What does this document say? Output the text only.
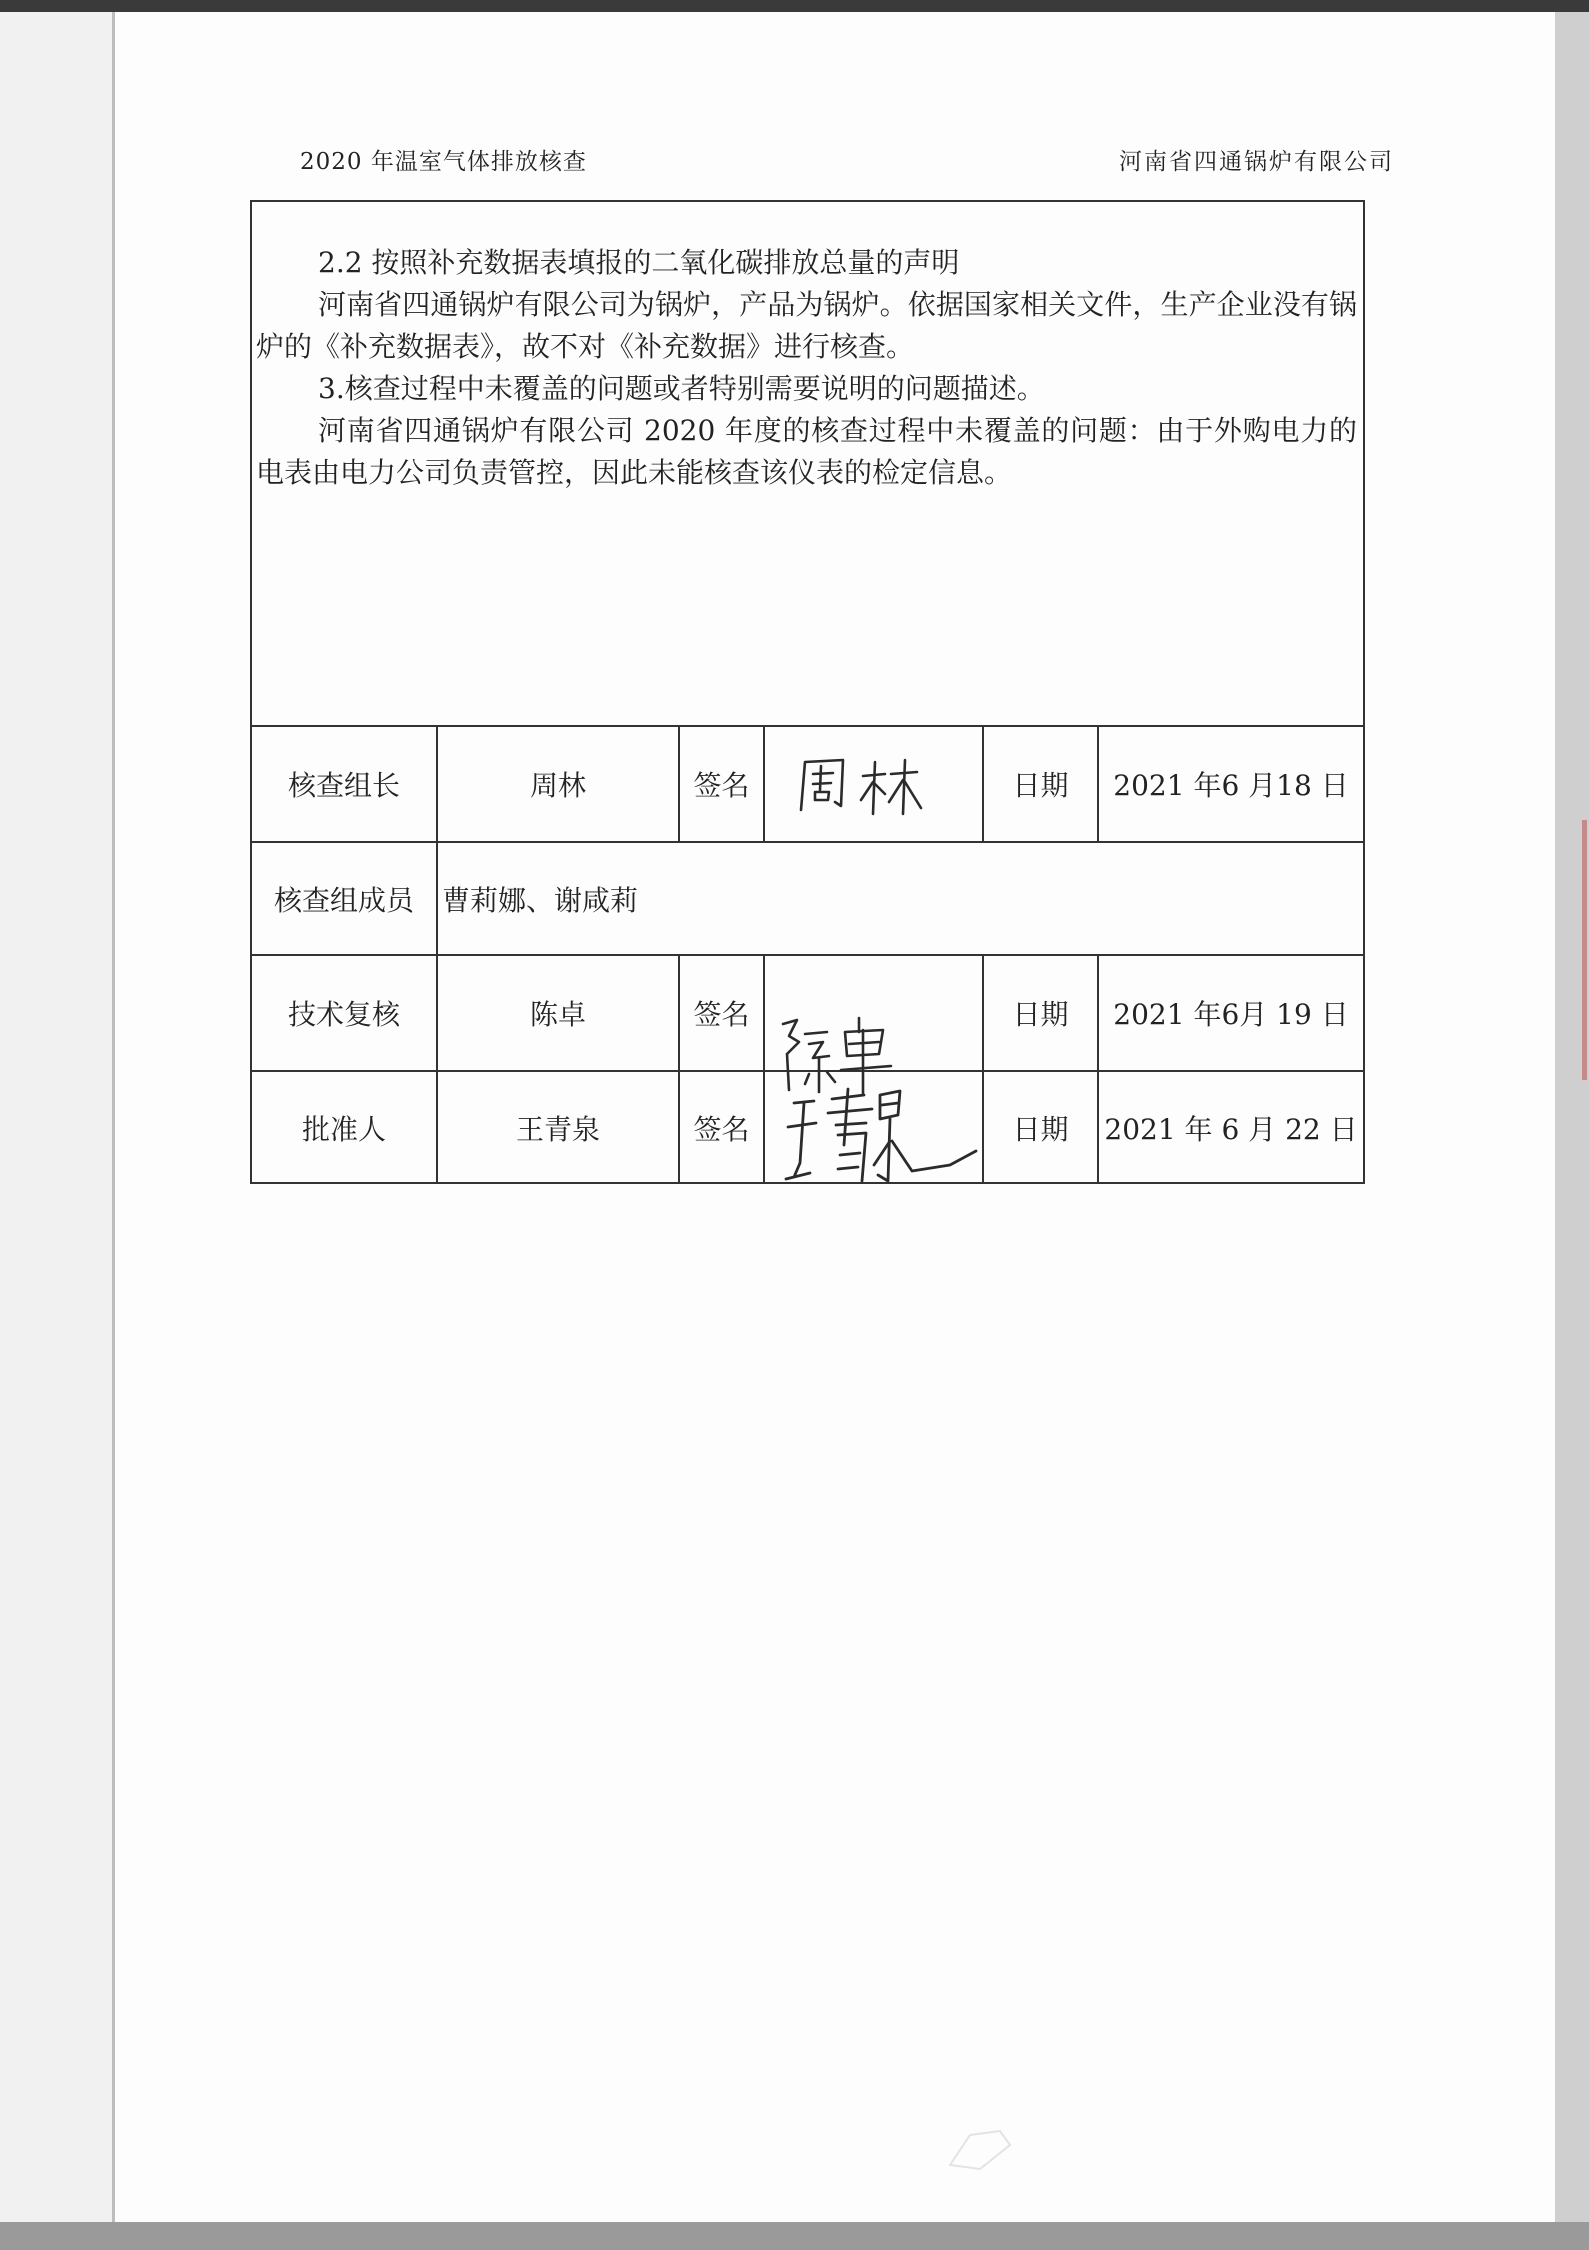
2020 年温室气体排放核查	河南省四通锅炉有限公司

2.2 按照补充数据表填报的二氧化碳排放总量的声明

河南省四通锅炉有限公司为锅炉，产品为锅炉。依据国家相关文件，生产企业没有锅炉的《补充数据表》，故不对《补充数据》进行核查。

3.核查过程中未覆盖的问题或者特别需要说明的问题描述。

河南省四通锅炉有限公司 2020 年度的核查过程中未覆盖的问题：由于外购电力的电表由电力公司负责管控，因此未能核查该仪表的检定信息。

核查组长	周林	签名	日期	2021 年6 月18 日
核查组成员	曹莉娜、谢咸莉
技术复核	陈卓	签名	日期	2021 年6月 19 日
批准人	王青泉	签名	日期	2021 年 6 月 22 日
